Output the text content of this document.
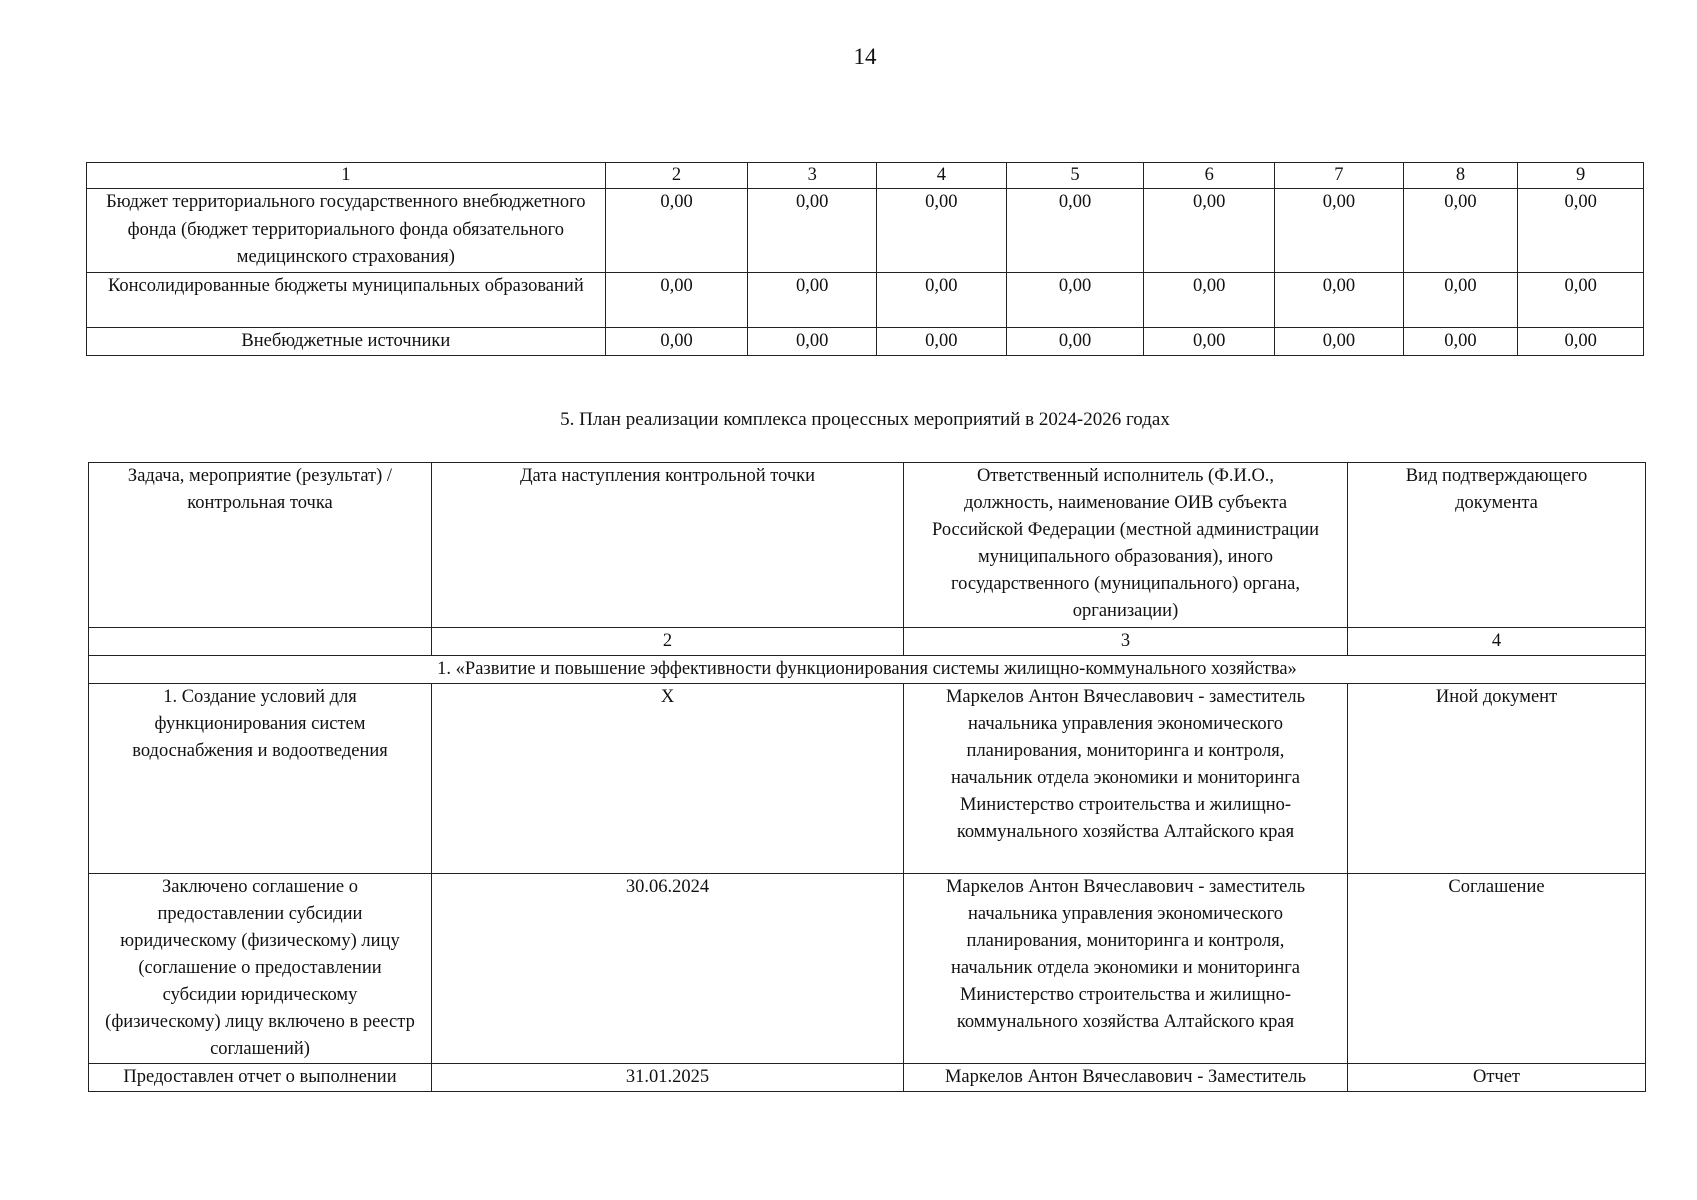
14
1	2	3	4	5	6	7	8	9
Бюджет территориального государственного внебюджетного фонда (бюджет территориального фонда обязательного медицинского страхования)	0,00	0,00	0,00	0,00	0,00	0,00	0,00	0,00
Консолидированные бюджеты муниципальных образований	0,00	0,00	0,00	0,00	0,00	0,00	0,00	0,00
Внебюджетные источники	0,00	0,00	0,00	0,00	0,00	0,00	0,00	0,00
5. План реализации комплекса процессных мероприятий в 2024-2026 годах
Задача, мероприятие (результат) / контрольная точка	Дата наступления контрольной точки	Ответственный исполнитель (Ф.И.О., должность, наименование ОИВ субъекта Российской Федерации (местной администрации муниципального образования), иного государственного (муниципального) органа, организации)	Вид подтверждающего документа
	2	3	4
1. «Развитие и повышение эффективности функционирования системы жилищно-коммунального хозяйства»			
1. Создание условий для функционирования систем водоснабжения и водоотведения	X	Маркелов Антон Вячеславович - заместитель начальника управления экономического планирования, мониторинга и контроля, начальник отдела экономики и мониторинга Министерство строительства и жилищно-коммунального хозяйства Алтайского края	Иной документ
Заключено соглашение о предоставлении субсидии юридическому (физическому) лицу (соглашение о предоставлении субсидии юридическому (физическому) лицу включено в реестр соглашений)	30.06.2024	Маркелов Антон Вячеславович - заместитель начальника управления экономического планирования, мониторинга и контроля, начальник отдела экономики и мониторинга Министерство строительства и жилищно-коммунального хозяйства Алтайского края	Соглашение
Предоставлен отчет о выполнении	31.01.2025	Маркелов Антон Вячеславович - Заместитель	Отчет
